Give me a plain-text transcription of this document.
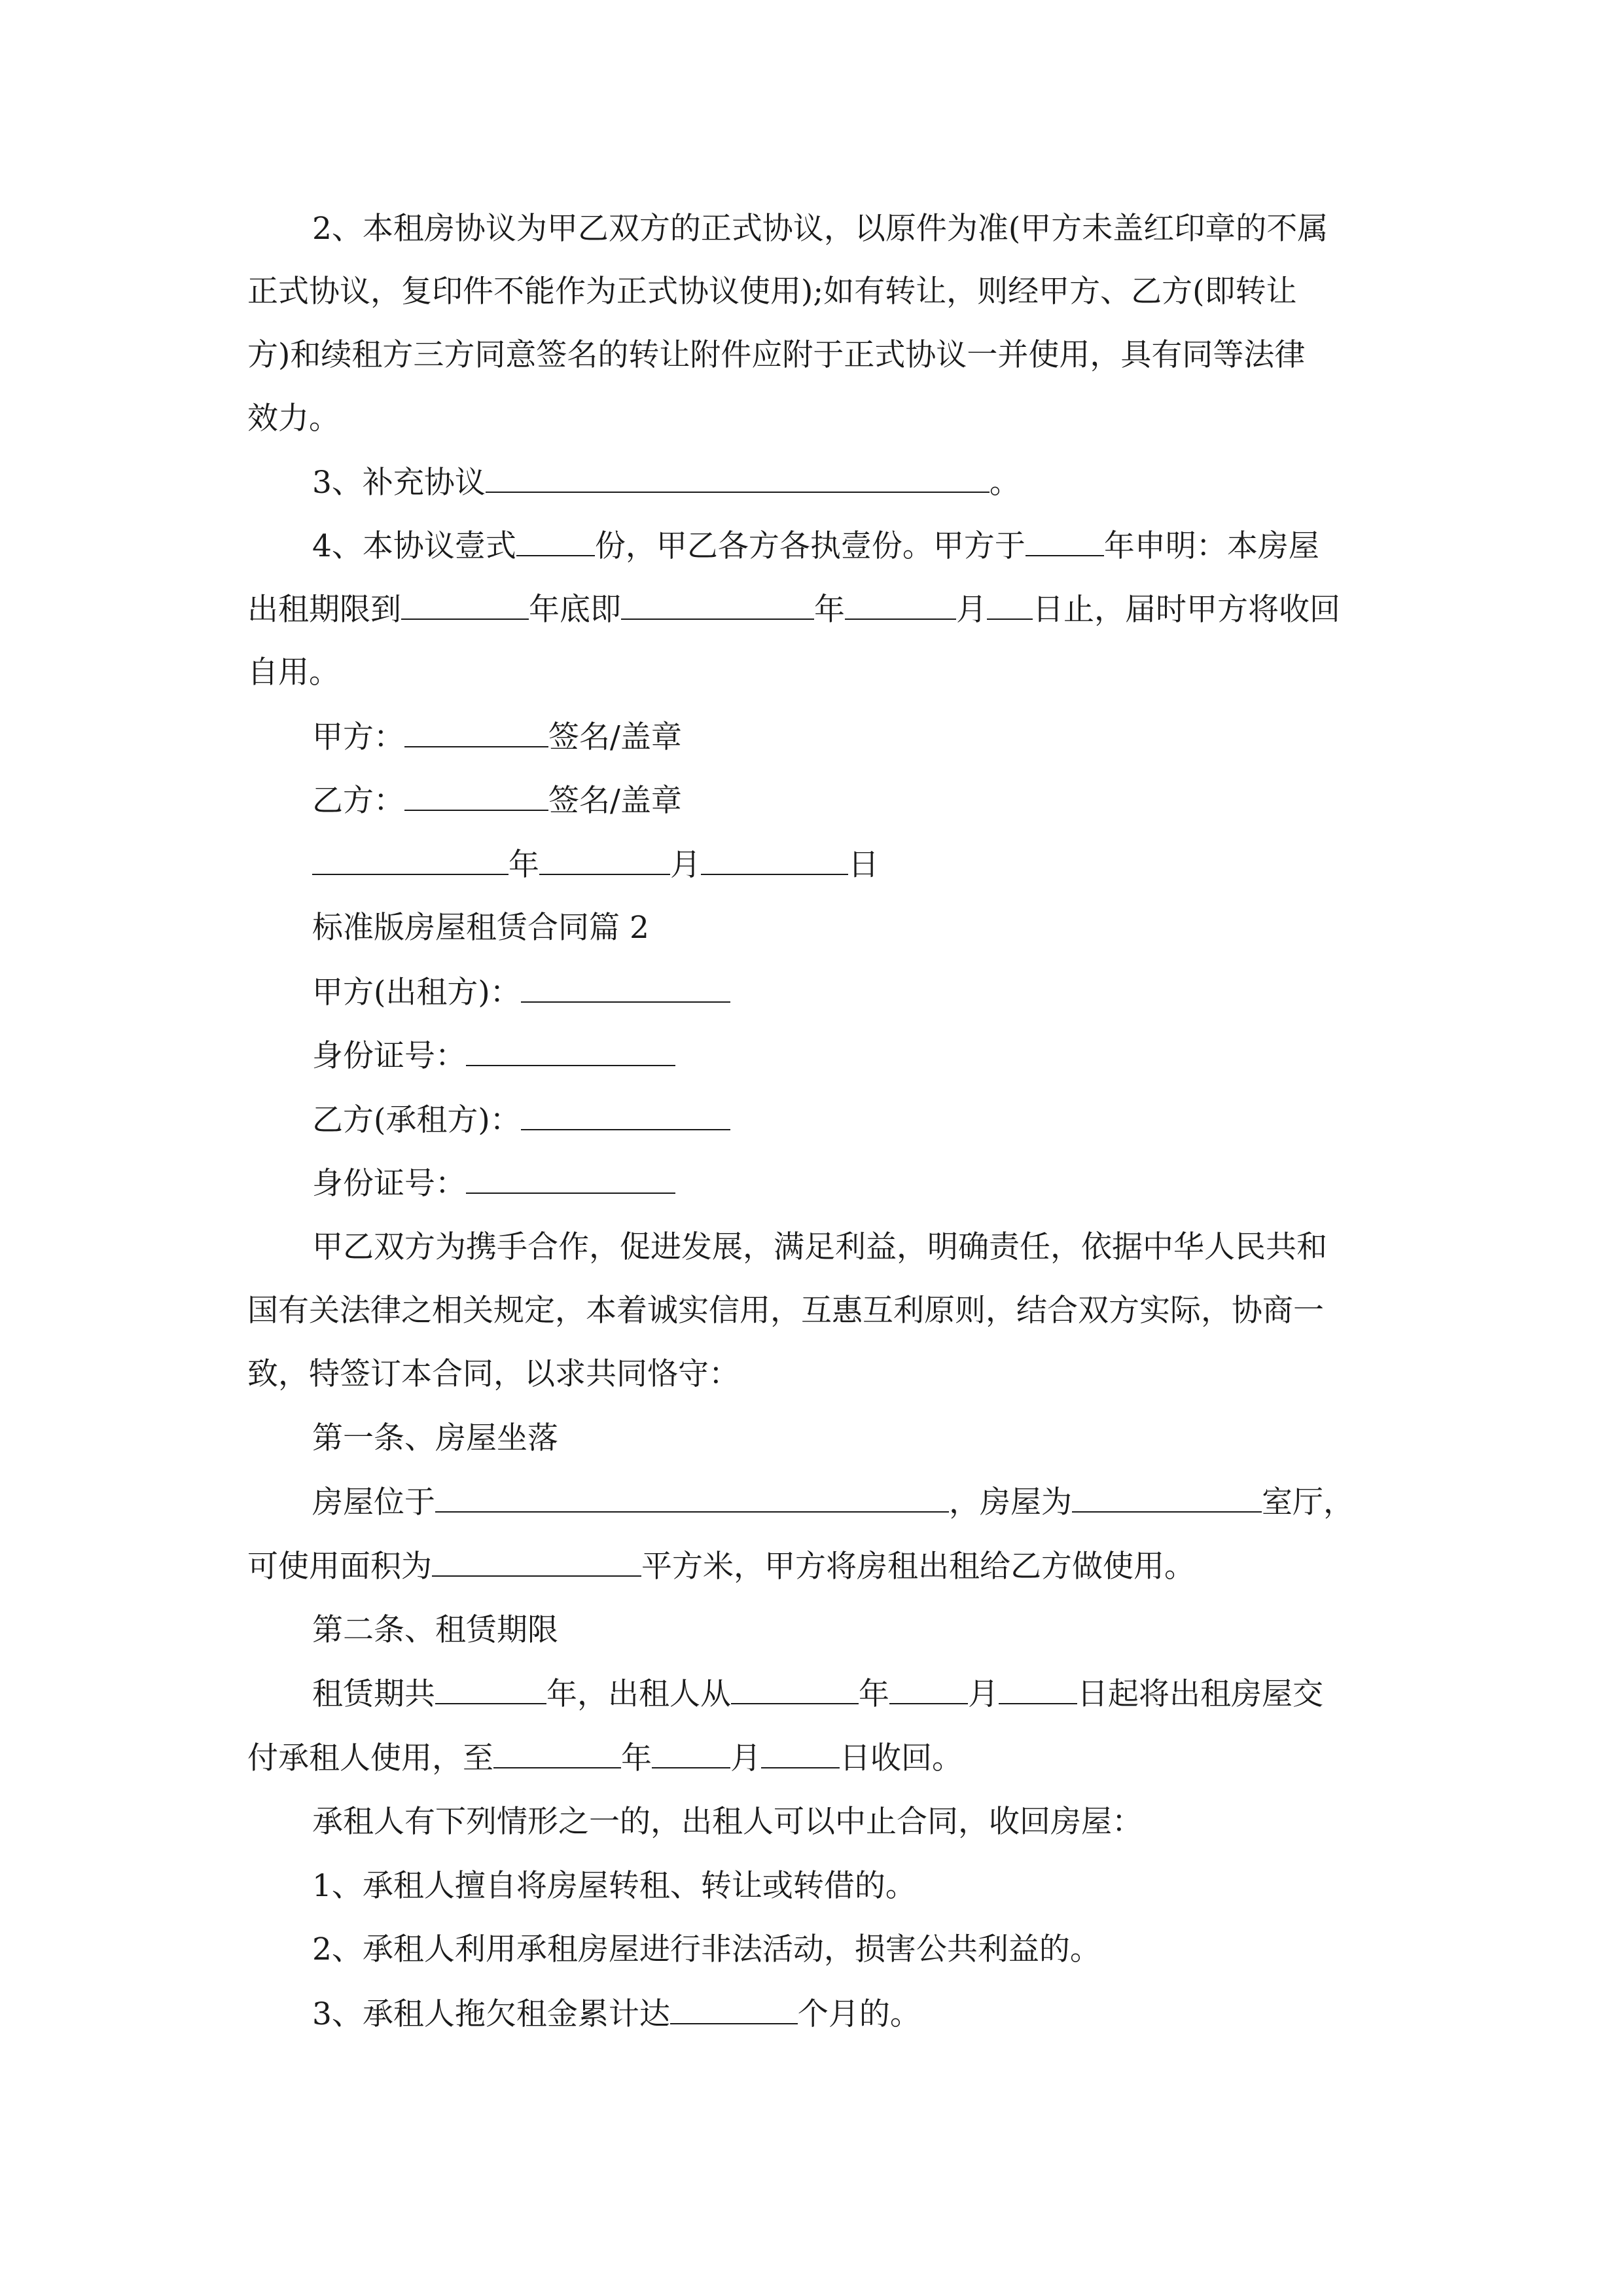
2、本租房协议为甲乙双方的正式协议，以原件为准(甲方未盖红印章的不属
正式协议，复印件不能作为正式协议使用);如有转让，则经甲方、乙方(即转让
方)和续租方三方同意签名的转让附件应附于正式协议一并使用，具有同等法律
效力。
3、补充协议	。
4、本协议壹式	份，甲乙各方各执壹份。甲方于	年申明：本房屋
出租期限到	年底即	年	月 日止，届时甲方将收回
自用。
甲方：	签名/盖章
乙方：	签名/盖章
年	月	日
标准版房屋租赁合同篇 2
甲方(出租方)：
身份证号：
乙方(承租方)：
身份证号：
甲乙双方为携手合作，促进发展，满足利益，明确责任，依据中华人民共和
国有关法律之相关规定，本着诚实信用，互惠互利原则，结合双方实际，协商一
致，特签订本合同，以求共同恪守：
第一条、房屋坐落
房屋位于	，房屋为	室厅，
可使用面积为	平方米，甲方将房租出租给乙方做使用。
第二条、租赁期限
租赁期共	年，出租人从	年	月	日起将出租房屋交
付承租人使用，至	年	月	日收回。
承租人有下列情形之一的，出租人可以中止合同，收回房屋：
1、承租人擅自将房屋转租、转让或转借的。
2、承租人利用承租房屋进行非法活动，损害公共利益的。
3、承租人拖欠租金累计达	个月的。
